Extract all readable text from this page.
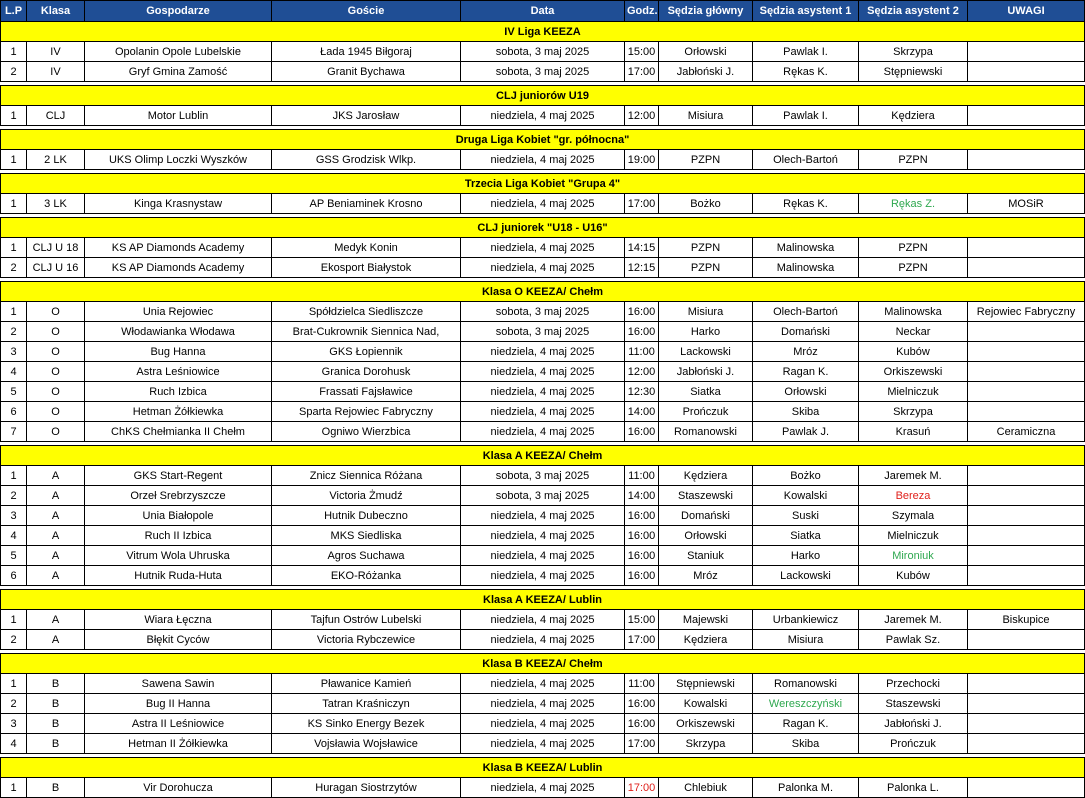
L.P	Klasa	Gospodarze	Goście	Data	Godz.	Sędzia główny	Sędzia asystent 1	Sędzia asystent 2	UWAGI
IV Liga KEEZA									
1	IV	Opolanin Opole Lubelskie	Łada 1945 Biłgoraj	sobota, 3 maj 2025	15:00	Orłowski	Pawlak I.	Skrzypa	
2	IV	Gryf Gmina Zamość	Granit Bychawa	sobota, 3 maj 2025	17:00	Jabłoński J.	Rękas K.	Stępniewski	

CLJ juniorów U19									
1	CLJ	Motor Lublin	JKS Jarosław	niedziela, 4 maj 2025	12:00	Misiura	Pawlak I.	Kędziera	

Druga Liga Kobiet "gr. północna"									
1	2 LK	UKS Olimp Loczki Wyszków	GSS Grodzisk Wlkp.	niedziela, 4 maj 2025	19:00	PZPN	Olech-Bartoń	PZPN	

Trzecia Liga Kobiet "Grupa 4"									
1	3 LK	Kinga Krasnystaw	AP Beniaminek Krosno	niedziela, 4 maj 2025	17:00	Bożko	Rękas K.	Rękas Z.	MOSiR

CLJ juniorek "U18 - U16"									
1	CLJ U 18	KS AP Diamonds Academy	Medyk Konin	niedziela, 4 maj 2025	14:15	PZPN	Malinowska	PZPN	
2	CLJ U 16	KS AP Diamonds Academy	Ekosport Białystok	niedziela, 4 maj 2025	12:15	PZPN	Malinowska	PZPN	

Klasa O KEEZA/ Chełm									
1	O	Unia Rejowiec	Spółdzielca Siedliszcze	sobota, 3 maj 2025	16:00	Misiura	Olech-Bartoń	Malinowska	Rejowiec Fabryczny
2	O	Włodawianka Włodawa	Brat-Cukrownik Siennica Nad,	sobota, 3 maj 2025	16:00	Harko	Domański	Neckar	
3	O	Bug Hanna	GKS Łopiennik	niedziela, 4 maj 2025	11:00	Lackowski	Mróz	Kubów	
4	O	Astra Leśniowice	Granica Dorohusk	niedziela, 4 maj 2025	12:00	Jabłoński J.	Ragan K.	Orkiszewski	
5	O	Ruch Izbica	Frassati Fajsławice	niedziela, 4 maj 2025	12:30	Siatka	Orłowski	Mielniczuk	
6	O	Hetman Żółkiewka	Sparta Rejowiec Fabryczny	niedziela, 4 maj 2025	14:00	Prończuk	Skiba	Skrzypa	
7	O	ChKS Chełmianka II Chełm	Ogniwo Wierzbica	niedziela, 4 maj 2025	16:00	Romanowski	Pawlak J.	Krasuń	Ceramiczna

Klasa A KEEZA/ Chełm									
1	A	GKS Start-Regent	Znicz Siennica Różana	sobota, 3 maj 2025	11:00	Kędziera	Bożko	Jaremek M.	
2	A	Orzeł Srebrzyszcze	Victoria Żmudź	sobota, 3 maj 2025	14:00	Staszewski	Kowalski	Bereza	
3	A	Unia Białopole	Hutnik Dubeczno	niedziela, 4 maj 2025	16:00	Domański	Suski	Szymala	
4	A	Ruch II Izbica	MKS Siedliska	niedziela, 4 maj 2025	16:00	Orłowski	Siatka	Mielniczuk	
5	A	Vitrum Wola Uhruska	Agros Suchawa	niedziela, 4 maj 2025	16:00	Staniuk	Harko	Mironiuk	
6	A	Hutnik Ruda-Huta	EKO-Różanka	niedziela, 4 maj 2025	16:00	Mróz	Lackowski	Kubów	

Klasa A KEEZA/ Lublin									
1	A	Wiara Łęczna	Tajfun Ostrów Lubelski	niedziela, 4 maj 2025	15:00	Majewski	Urbankiewicz	Jaremek M.	Biskupice
2	A	Błękit Cyców	Victoria Rybczewice	niedziela, 4 maj 2025	17:00	Kędziera	Misiura	Pawlak Sz.	

Klasa B KEEZA/ Chełm									
1	B	Sawena Sawin	Pławanice Kamień	niedziela, 4 maj 2025	11:00	Stępniewski	Romanowski	Przechocki	
2	B	Bug II Hanna	Tatran Kraśniczyn	niedziela, 4 maj 2025	16:00	Kowalski	Wereszczyński	Staszewski	
3	B	Astra II Leśniowice	KS Sinko Energy Bezek	niedziela, 4 maj 2025	16:00	Orkiszewski	Ragan K.	Jabłoński J.	
4	B	Hetman II Żółkiewka	Vojsławia Wojsławice	niedziela, 4 maj 2025	17:00	Skrzypa	Skiba	Prończuk	

Klasa B KEEZA/ Lublin									
1	B	Vir Dorohucza	Huragan Siostrzytów	niedziela, 4 maj 2025	17:00	Chlebiuk	Palonka M.	Palonka L.	
